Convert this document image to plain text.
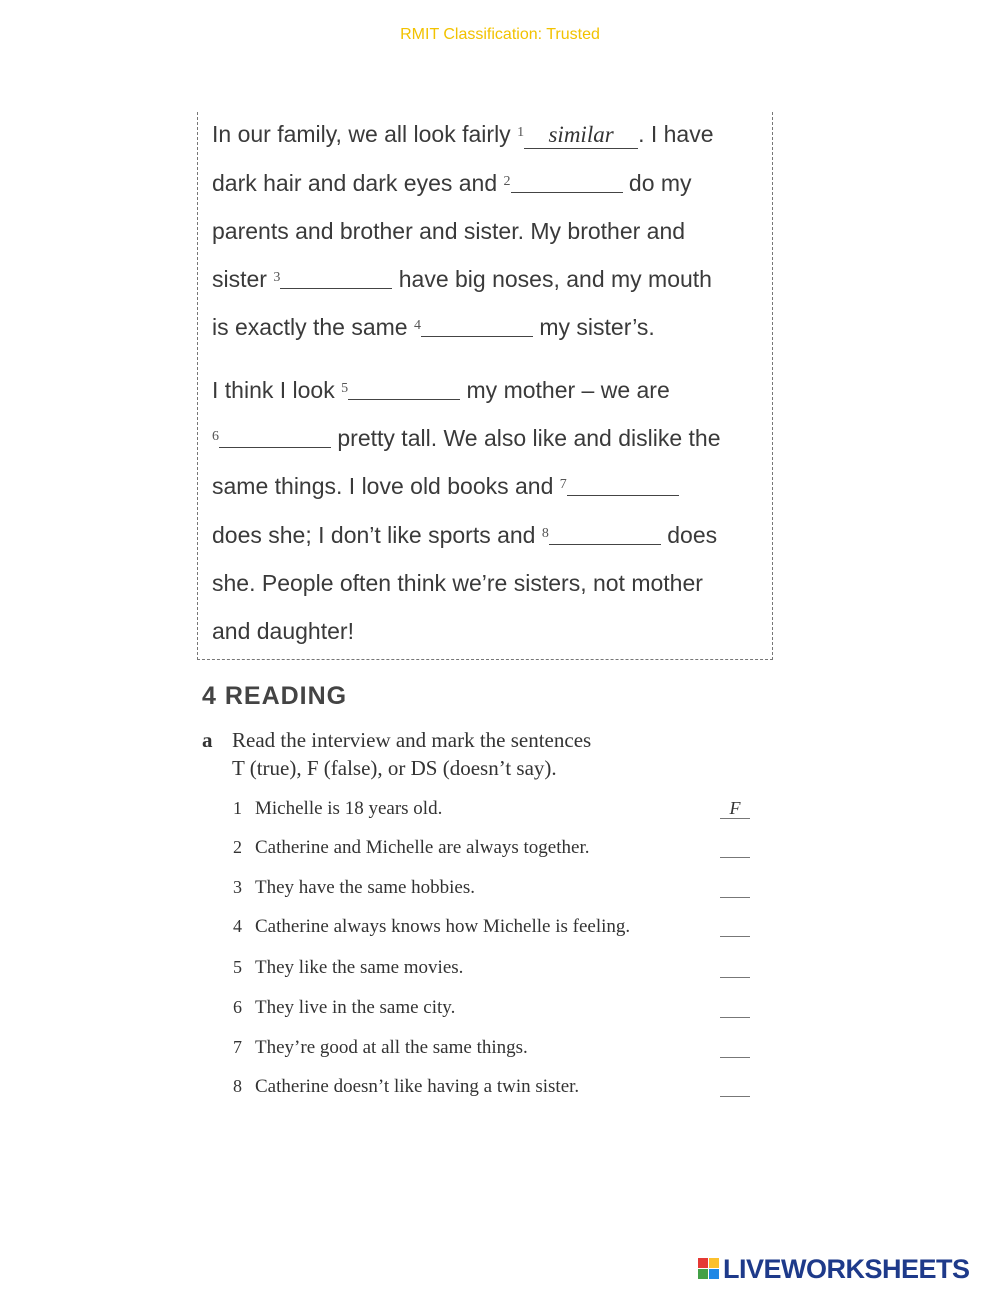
RMIT Classification: Trusted
In our family, we all look fairly $^1$ similar . I have
dark hair and dark eyes and $^2$	do my
parents and brother and sister. My brother and
sister $^3$	have big noses, and my mouth
is exactly the same $^4$	my sister’s.
I think I look $^5$	my mother – we are
$^6$	pretty tall. We also like and dislike the
same things. I love old books and $^7$
does she; I don’t like sports and $^8$	does
she. People often think we’re sisters, not mother
and daughter!
4 READING
a Read the interview and mark the sentences
T (true), F (false), or DS (doesn’t say).
1 Michelle is 18 years old.	F
2 Catherine and Michelle are always together.
3 They have the same hobbies.
4 Catherine always knows how Michelle is feeling.
5 They like the same movies.
6 They live in the same city.
7 They’re good at all the same things.
8 Catherine doesn’t like having a twin sister.
LIVEWORKSHEETS
